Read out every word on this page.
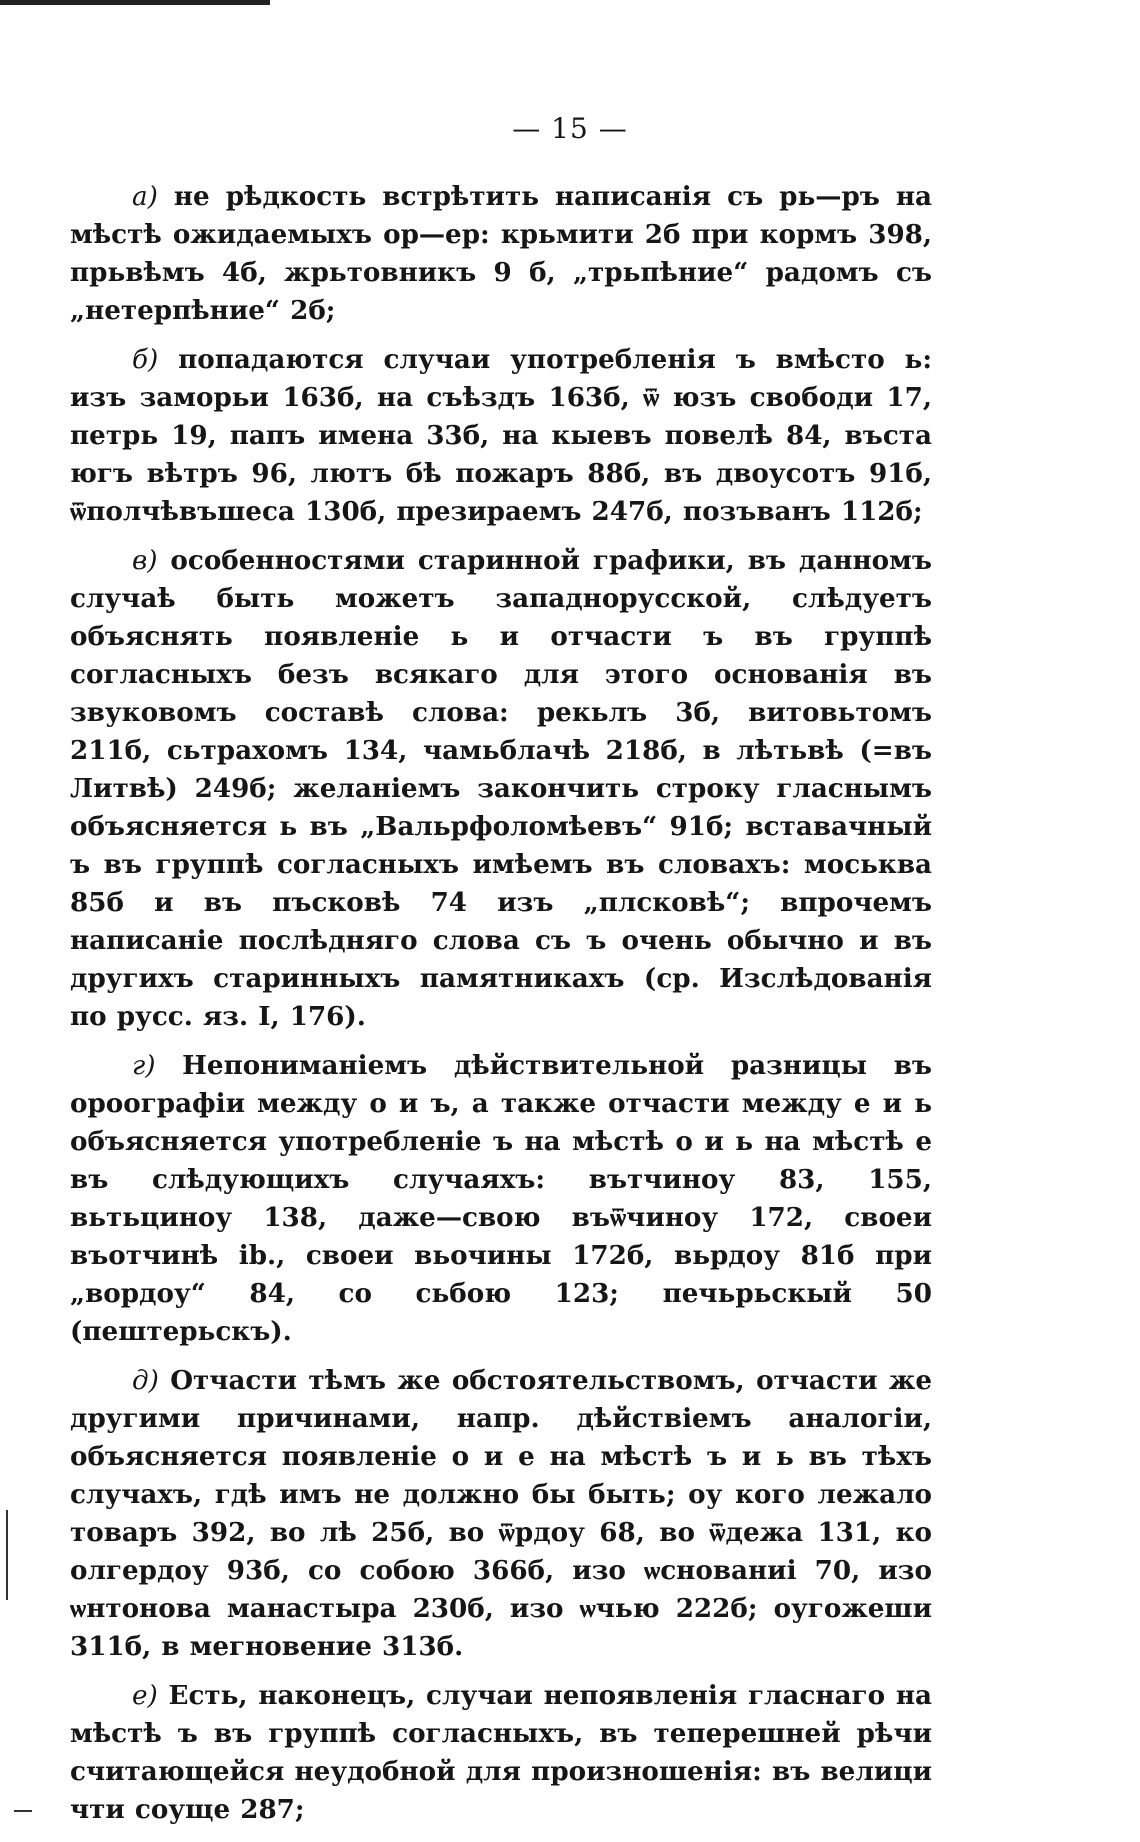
— 15 —

а) не рѣдкость встрѣтить написанія съ рь—ръ на мѣстѣ ожидаемыхъ ор—ер: крьмити 2б при кормъ 398, прьвѣмъ 4б, жрьтовникъ 9 б, „трьпѣние“ радомъ съ „нетерпѣние“ 2б;

б) попадаются случаи употребленія ъ вмѣсто ь: изъ заморьи 163б, на съѣздъ 163б, ѿ юзъ свободи 17, петрь 19, папъ имена 33б, на кыевъ повелѣ 84, въста югъ вѣтръ 96, лютъ бѣ пожаръ 88б, въ двоусотъ 91б, ѿполчѣвъшеса 130б, презираемъ 247б, позъванъ 112б;

в) особенностями старинной графики, въ данномъ случаѣ быть можетъ западнорусской, слѣдуетъ объяснять появленіе ь и отчасти ъ въ группѣ согласныхъ безъ всякаго для этого основанія въ звуковомъ составѣ слова: рекьлъ 3б, витовьтомъ 211б, сьтрахомъ 134, чамьблачѣ 218б, в лѣтьвѣ (=въ Литвѣ) 249б; желаніемъ закончить строку гласнымъ объясняется ь въ „Вальрфоломѣевъ“ 91б; вставачный ъ въ группѣ согласныхъ имѣемъ въ словахъ: моськва 85б и въ пъсковѣ 74 изъ „плсковѣ“; впрочемъ написаніе послѣдняго слова съ ъ очень обычно и въ другихъ старинныхъ памятникахъ (ср. Изслѣдованія по русс. яз. I, 176).

г) Непониманіемъ дѣйствительной разницы въ ороографіи между о и ъ, а также отчасти между е и ь объясняется употребленіе ъ на мѣстѣ о и ь на мѣстѣ е въ слѣдующихъ случаяхъ: вътчиноу 83, 155, вьтьциноу 138, даже—свою въѿчиноу 172, своеи въотчинѣ ib., своеи вьочины 172б, вьрдоу 81б при „вордоу“ 84, со сьбою 123; печьрьскый 50 (пештерьскъ).

д) Отчасти тѣмъ же обстоятельствомъ, отчасти же другими причинами, напр. дѣйствіемъ аналогіи, объясняется появленіе о и е на мѣстѣ ъ и ь въ тѣхъ случахъ, гдѣ имъ не должно бы быть; оу кого лежало товаръ 392, во лѣ 25б, во ѿрдоу 68, во ѿдежа 131, ко олгердоу 93б, со собою 366б, изо ѡснованиі 70, изо ѡнтонова манастыра 230б, изо ѡчью 222б; оугожеши 311б, в мегновение 313б.

е) Есть, наконецъ, случаи непоявленія гласнаго на мѣстѣ ъ въ группѣ согласныхъ, въ теперешней рѣчи считающейся неудобной для произношенія: въ велици чти соуще 287;
